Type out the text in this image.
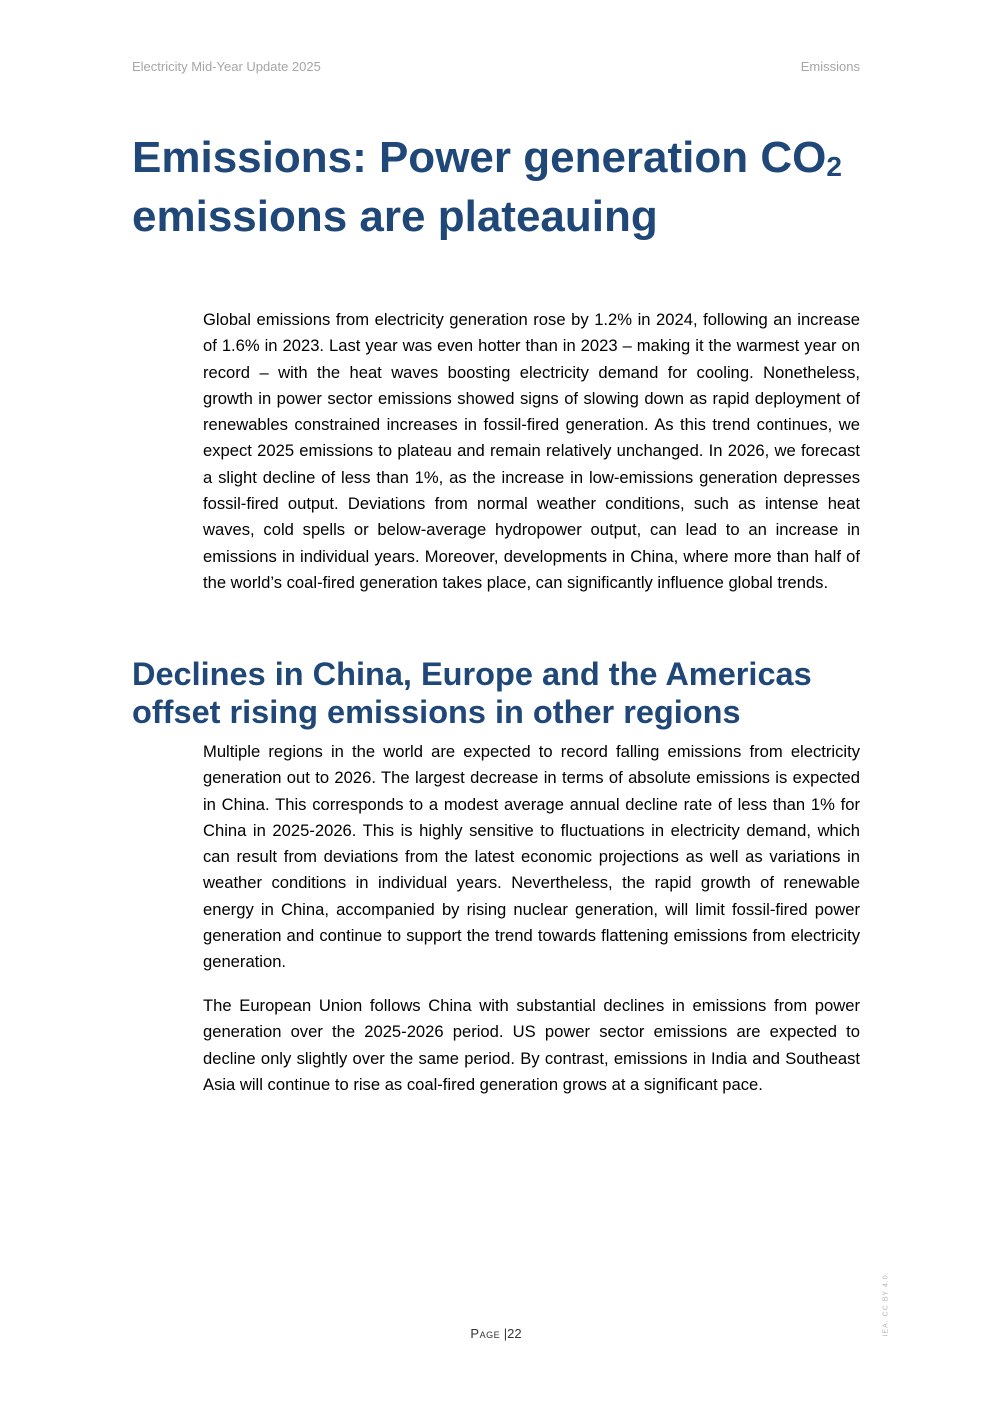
Electricity Mid-Year Update 2025	Emissions
Emissions: Power generation $CO_2$
emissions are plateauing

Global emissions from electricity generation rose by 1.2% in 2024, following an increase of 1.6% in 2023. Last year was even hotter than in 2023 – making it the warmest year on record – with the heat waves boosting electricity demand for cooling. Nonetheless, growth in power sector emissions showed signs of slowing down as rapid deployment of renewables constrained increases in fossil-fired generation. As this trend continues, we expect 2025 emissions to plateau and remain relatively unchanged. In 2026, we forecast a slight decline of less than 1%, as the increase in low-emissions generation depresses fossil-fired output. Deviations from normal weather conditions, such as intense heat waves, cold spells or below-average hydropower output, can lead to an increase in emissions in individual years. Moreover, developments in China, where more than half of the world’s coal-fired generation takes place, can significantly influence global trends.

Declines in China, Europe and the Americas offset rising emissions in other regions

Multiple regions in the world are expected to record falling emissions from electricity generation out to 2026. The largest decrease in terms of absolute emissions is expected in China. This corresponds to a modest average annual decline rate of less than 1% for China in 2025-2026. This is highly sensitive to fluctuations in electricity demand, which can result from deviations from the latest economic projections as well as variations in weather conditions in individual years. Nevertheless, the rapid growth of renewable energy in China, accompanied by rising nuclear generation, will limit fossil-fired power generation and continue to support the trend towards flattening emissions from electricity generation.

The European Union follows China with substantial declines in emissions from power generation over the 2025-2026 period. US power sector emissions are expected to decline only slightly over the same period. By contrast, emissions in India and Southeast Asia will continue to rise as coal-fired generation grows at a significant pace.

Page |22	IEA. CC BY 4.0.
